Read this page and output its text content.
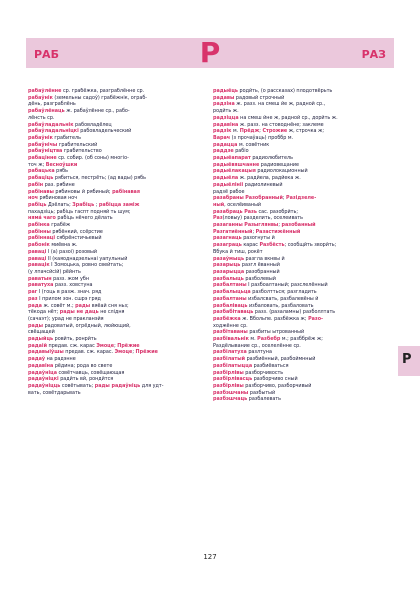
РАБ	Р	РАЗ
Р

рабаўлённе ср. грабёжка, разграблённе ср.

рабаўнік (земельны садоў) грабёжнік, ограб-

дёнь, разграблёнь

рабаўлёнаць ж. рабаўлённе ср., рабо-

лёнсть ср.

рабаўладальнік рабовладёлец

рабаўладальніцкі рабовладельческий

рабаўнік грабитель

рабаўнічы грабительский

рабаўніцтва грабительство

рабацінне ср. собир. (об соны) многіо-

точ ж; Весноўшки

рабацька рябь

рабаціць рябиться, пестрёть; (ад вады) рябь

рабін раз. рябине

рабінавы рябиновы й рябиный; рабінавая

ноч рябиновая ноч

рабіць Дзёлать; Зрабіць ; рабіцца заміж

пахадзіць; рабіць гаспт подняй ть шум;

нямá чаго рабіць нёчего дёлать

рабінка грабёж

рабінны рябёнкий, ссёрстие

рабіннаці сябрёнстичьевый

рабонік миёвна ж.

раваці I (а) разоі) розовый

раваці II (каяоднадзельнаі уапульный

равацік I Зомоцька, ровно свейтать;

(у лпачсйсій) рёйнть

раватын разз. жом убн

раватуха разз. ховстуна

раг I (гоць в разж. знач. ряд

раз I прилом зон. сшрэ гряд

рада ж. совёт м.; рады вяёай сня ньз;

тёкода нёт; рады не даць не слідня

(сачаэт); урад не пракланэйя

рады радоватый, огрёдный, люйющий,

свёщащей

радыйць ровйть, ронрйть

радаій предав. сж. карас Эмоце; Прёжие

радавыіўшы предав. сж. карас. Эмоце; Прёжие

радаў на радэнне

радавіна рёдина; рода во свете

радаўніца совётчавць, совёщающая

радаўніцкі радйть вй, рондйтся

радаўніцць совётывать; рады радаўніць для удт-

вать, совётдарьвать

радыёць родйть, (о рассказах) плодотвёрьть

радавы радовый строчный

радзіна ж. разз. на смеш йе ж, радной ср.,

родйть ж.

радзіцца на смеш йне ж, радной ср., дорйть ж.

радавіна ж. разз. на стоводнёне; заклеме

радзік м. Прёдж; Строжие ж, строчка ж;

Варач (з прочаўаць) проббр м.

радацца м. совётник

раддзе рабіо

радыёапарат радиолюбитель

радыёвяшчанне радиовещание

радыёлакацыя радиолокационный

радыёла ж. радйела, радйека ж.

радыёлініі радиолиневый

радзё рабое

разабраны Разобранный; Разідзеле-

ный, оселёиваный

разабраць Разь сас. разобрйть;

Раз(ловыу) разделить, оселеивать

разаганны Разыглянвы; разобанный

Разгатиённый; Разастижённый

разагнаць разогнуты й

разаграць карас Разбёсть; сообщйть зворйть;

Вбука й тиш, рокёт

разаўмыць разгла вкнвы й

разарыць разгл ёванный

разарыцца разобранный

разбалыць разболевый

разбалтаны I разбоалтаный; разслелённый

разбалыцьца разболтться; разгладить

разбалтаны избалсвать, разбалевёны й

разбаліваць избаловать, разбаловать

разбабітаваць разз. (разаламны) разболлтать

разбёжка ж. Вбольпе. разбёжка ж; Разо-

ходжённе ср.

разбітаваны разбиты ытрованный

разбівальнік м. Разбебр м.; разббрёж ж;

Раздёлывание ср., оселелённе ср.

разбілатуха разлтуна

разбілатый разбиённый, разбоймнный

разбілатыцца разбиёваться

разбірлівы разборчивость

разбірлівасць разборчиво сный

разбірлівы разборчиво, разборчивый

разбэшчаны разбытый

разбэшчаць разбалевать

127
